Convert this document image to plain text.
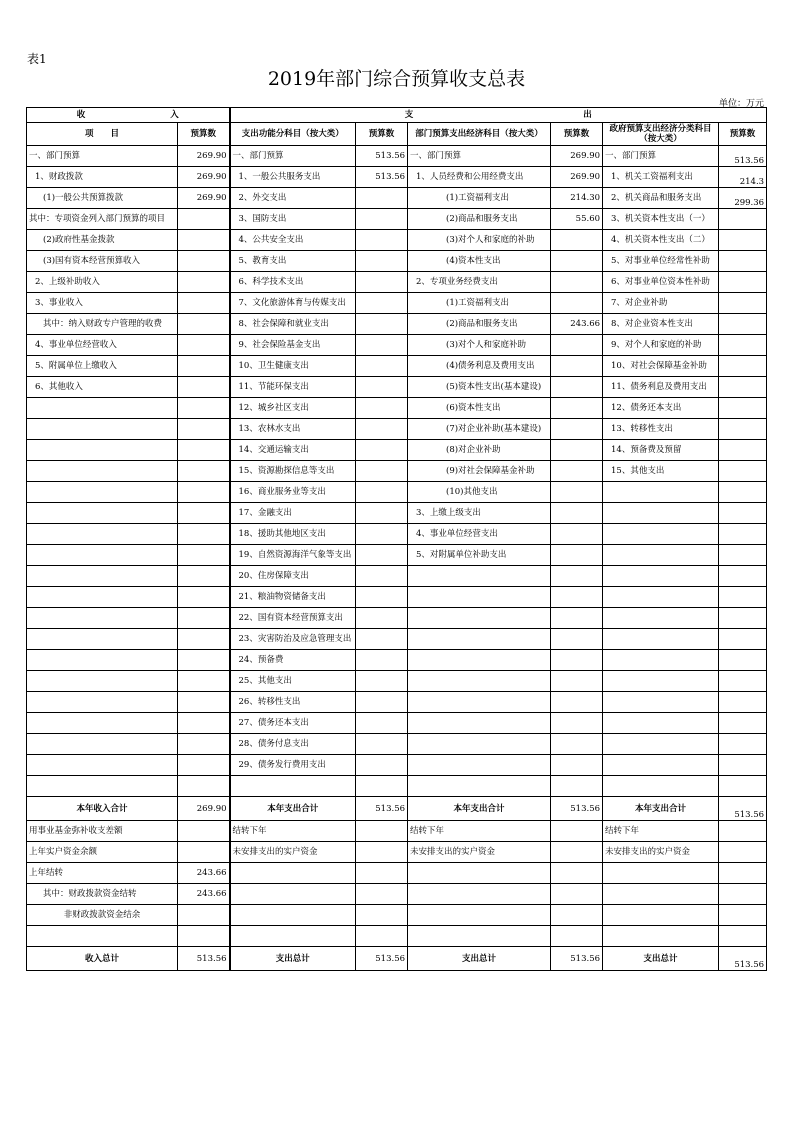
表1
2019年部门综合预算收支总表
单位：万元
收　　　　　　　　　　入		支　　　　　　　　　　　　　　　　　　　　出					
项　　目	预算数	支出功能分科目（按大类）	预算数	部门预算支出经济科目（按大类）	预算数	政府预算支出经济分类科目（按大类）	预算数
一、部门预算	269.90	一、部门预算	513.56	一、部门预算	269.90	一、部门预算	513.56
1、财政拨款	269.90	1、一般公共服务支出	513.56	1、人员经费和公用经费支出	269.90	1、机关工资福利支出	214.3
(1)一般公共预算拨款	269.90	2、外交支出		(1)工资福利支出	214.30	2、机关商品和服务支出	299.36
其中：专项资金列入部门预算的项目		3、国防支出		(2)商品和服务支出	55.60	3、机关资本性支出（一）	
(2)政府性基金拨款		4、公共安全支出		(3)对个人和家庭的补助		4、机关资本性支出（二）	
(3)国有资本经营预算收入		5、教育支出		(4)资本性支出		5、对事业单位经常性补助	
2、上级补助收入		6、科学技术支出		2、专项业务经费支出		6、对事业单位资本性补助	
3、事业收入		7、文化旅游体育与传媒支出		(1)工资福利支出		7、对企业补助	
其中：纳入财政专户管理的收费		8、社会保障和就业支出		(2)商品和服务支出	243.66	8、对企业资本性支出	
4、事业单位经营收入		9、社会保险基金支出		(3)对个人和家庭补助		9、对个人和家庭的补助	
5、附属单位上缴收入		10、卫生健康支出		(4)债务利息及费用支出		10、对社会保障基金补助	
6、其他收入		11、节能环保支出		(5)资本性支出(基本建设)		11、债务利息及费用支出	
		12、城乡社区支出		(6)资本性支出		12、债务还本支出	
		13、农林水支出		(7)对企业补助(基本建设)		13、转移性支出	
		14、交通运输支出		(8)对企业补助		14、预备费及预留	
		15、资源勘探信息等支出		(9)对社会保障基金补助		15、其他支出	
		16、商业服务业等支出		(10)其他支出			
		17、金融支出		3、上缴上级支出			
		18、援助其他地区支出		4、事业单位经营支出			
		19、自然资源海洋气象等支出		5、对附属单位补助支出			
		20、住房保障支出					
		21、粮油物资储备支出					
		22、国有资本经营预算支出					
		23、灾害防治及应急管理支出					
		24、预备费					
		25、其他支出					
		26、转移性支出					
		27、债务还本支出					
		28、债务付息支出					
		29、债务发行费用支出					

本年收入合计	269.90	本年支出合计	513.56	本年支出合计	513.56	本年支出合计	513.56
用事业基金弥补收支差额		结转下年		结转下年		结转下年	
上年实户资金余额		未安排支出的实户资金		未安排支出的实户资金		未安排支出的实户资金	
上年结转	243.66						
其中：财政拨款资金结转	243.66						
非财政拨款资金结余							

收入总计	513.56	支出总计	513.56	支出总计	513.56	支出总计	513.56
